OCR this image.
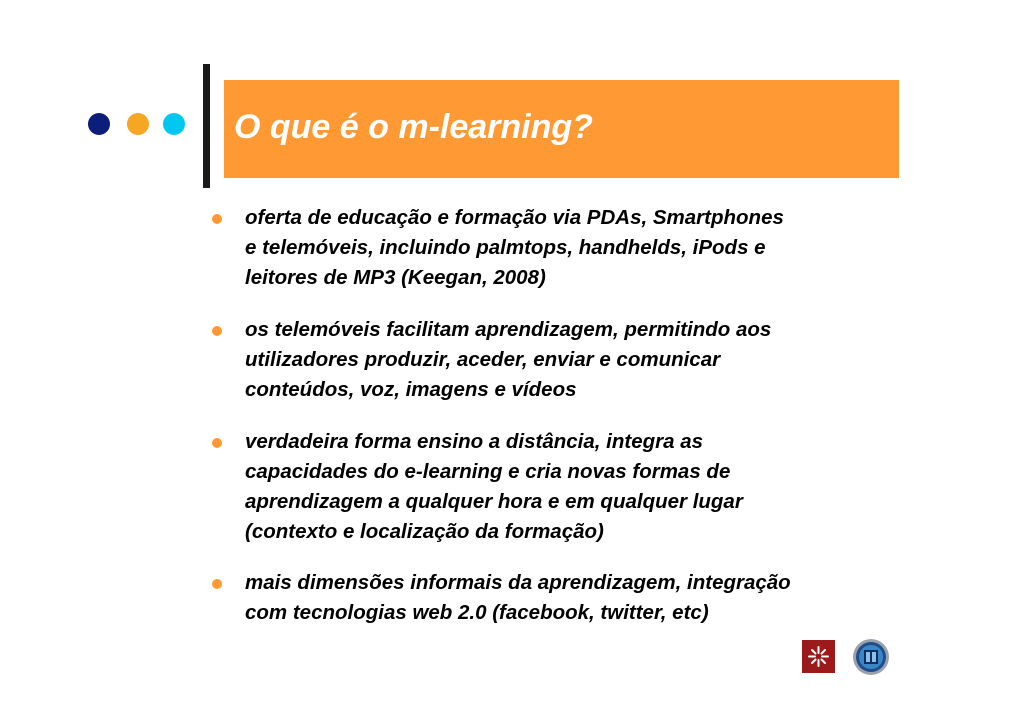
O que é o m-learning?
oferta de educação e formação via PDAs, Smartphones
e telemóveis, incluindo palmtops, handhelds, iPods e
leitores de MP3 (Keegan, 2008)
os telemóveis facilitam aprendizagem, permitindo aos
utilizadores produzir, aceder, enviar e comunicar
conteúdos, voz, imagens e vídeos
verdadeira forma ensino a distância, integra as
capacidades do e-learning e cria novas formas de
aprendizagem a qualquer hora e em qualquer lugar
(contexto e localização da formação)
mais dimensões informais da aprendizagem, integração
com tecnologias web 2.0 (facebook, twitter, etc)
